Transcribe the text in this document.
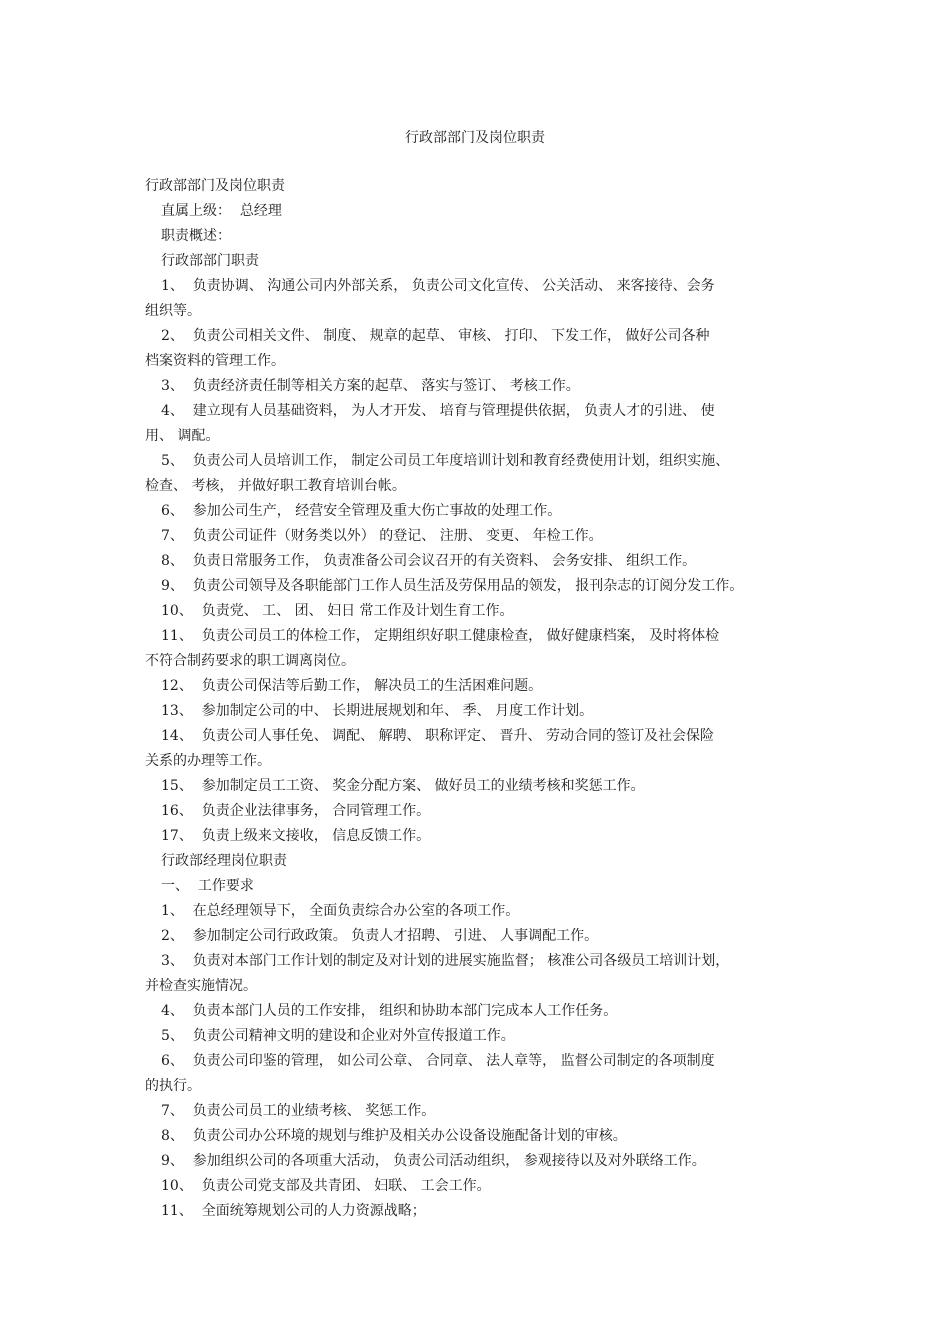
行政部部门及岗位职责
行政部部门及岗位职责
直属上级：  总经理
职责概述：
行政部部门职责
1、  负责协调、 沟通公司内外部关系， 负责公司文化宣传、 公关活动、 来客接待、会务
组织等。
2、  负责公司相关文件、 制度、 规章的起草、 审核、 打印、 下发工作， 做好公司各种
档案资料的管理工作。
3、  负责经济责任制等相关方案的起草、 落实与签订、 考核工作。
4、  建立现有人员基础资料， 为人才开发、 培育与管理提供依据， 负责人才的引进、 使
用、 调配。
5、  负责公司人员培训工作， 制定公司员工年度培训计划和教育经费使用计划，组织实施、
检查、 考核， 并做好职工教育培训台帐。
6、  参加公司生产， 经营安全管理及重大伤亡事故的处理工作。
7、  负责公司证件（财务类以外） 的登记、 注册、 变更、 年检工作。
8、  负责日常服务工作， 负责准备公司会议召开的有关资料、 会务安排、 组织工作。
9、  负责公司领导及各职能部门工作人员生活及劳保用品的领发， 报刊杂志的订阅分发工作。
10、  负责党、 工、 团、 妇日 常工作及计划生育工作。
11、  负责公司员工的体检工作， 定期组织好职工健康检查， 做好健康档案， 及时将体检
不符合制药要求的职工调离岗位。
12、  负责公司保洁等后勤工作， 解决员工的生活困难问题。
13、  参加制定公司的中、 长期进展规划和年、 季、 月度工作计划。
14、  负责公司人事任免、 调配、 解聘、 职称评定、 晋升、 劳动合同的签订及社会保险
关系的办理等工作。
15、  参加制定员工工资、 奖金分配方案、 做好员工的业绩考核和奖惩工作。
16、  负责企业法律事务， 合同管理工作。
17、  负责上级来文接收， 信息反馈工作。
行政部经理岗位职责
一、  工作要求
1、  在总经理领导下， 全面负责综合办公室的各项工作。
2、  参加制定公司行政政策。 负责人才招聘、 引进、 人事调配工作。
3、  负责对本部门工作计划的制定及对计划的进展实施监督； 核准公司各级员工培训计划，
并检查实施情况。
4、  负责本部门人员的工作安排， 组织和协助本部门完成本人工作任务。
5、  负责公司精神文明的建设和企业对外宣传报道工作。
6、  负责公司印鉴的管理， 如公司公章、 合同章、 法人章等， 监督公司制定的各项制度
的执行。
7、  负责公司员工的业绩考核、 奖惩工作。
8、  负责公司办公环境的规划与维护及相关办公设备设施配备计划的审核。
9、  参加组织公司的各项重大活动， 负责公司活动组织， 参观接待以及对外联络工作。
10、  负责公司党支部及共青团、 妇联、 工会工作。
11、  全面统筹规划公司的人力资源战略；
